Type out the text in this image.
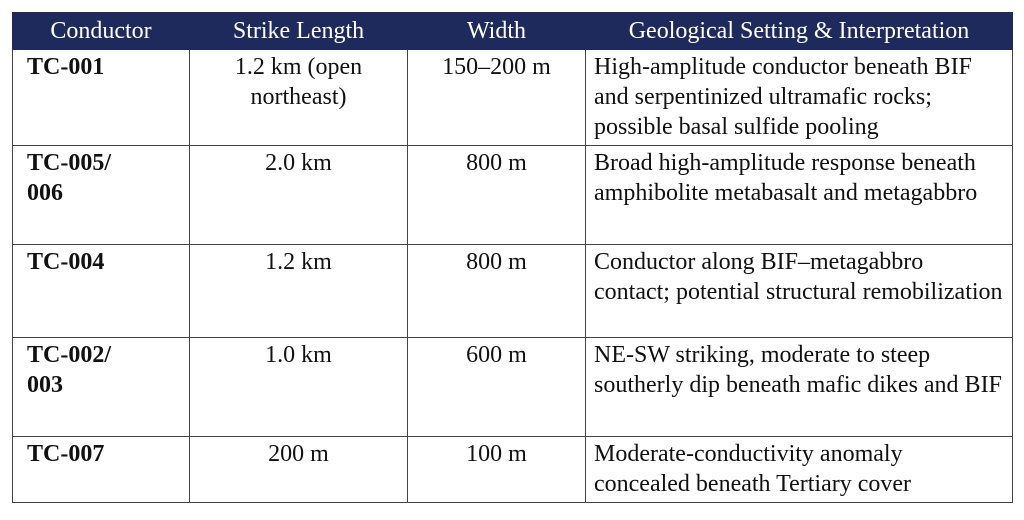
Conductor	Strike Length	Width	Geological Setting & Interpretation
TC-001	1.2 km (open northeast)	150–200 m	High-amplitude conductor beneath BIF and serpentinized ultramafic rocks; possible basal sulfide pooling
TC-005/006	2.0 km	800 m	Broad high-amplitude response beneath amphibolite metabasalt and metagabbro
TC-004	1.2 km	800 m	Conductor along BIF–metagabbro contact; potential structural remobilization
TC-002/003	1.0 km	600 m	NE-SW striking, moderate to steep southerly dip beneath mafic dikes and BIF
TC-007	200 m	100 m	Moderate-conductivity anomaly concealed beneath Tertiary cover
